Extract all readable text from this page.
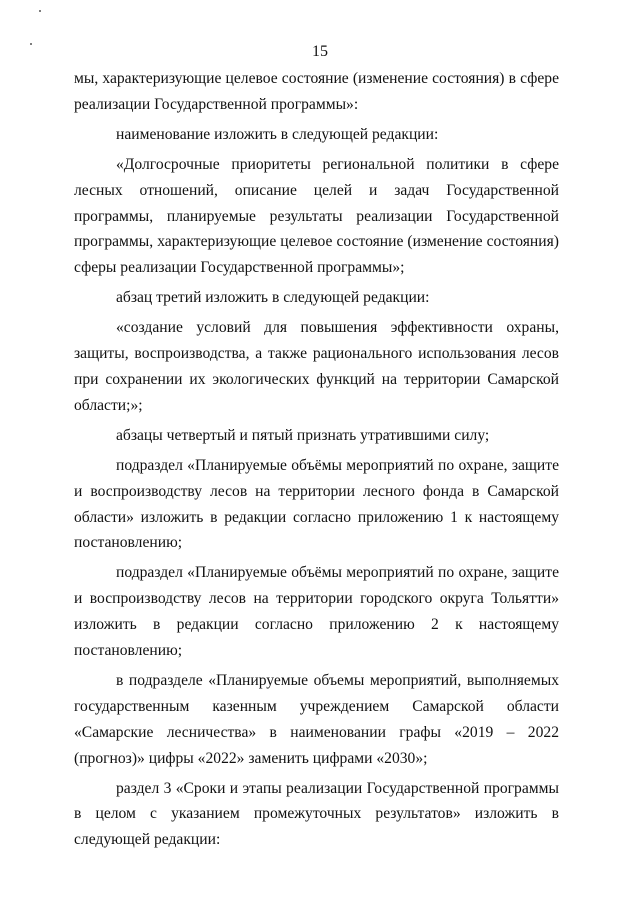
15

мы, характеризующие целевое состояние (изменение состояния) в сфере реализации Государственной программы»:

наименование изложить в следующей редакции:

«Долгосрочные приоритеты региональной политики в сфере лесных отношений, описание целей и задач Государственной программы, планируемые результаты реализации Государственной программы, характеризующие целевое состояние (изменение состояния) сферы реализации Государственной программы»;

абзац третий изложить в следующей редакции:

«создание условий для повышения эффективности охраны, защиты, воспроизводства, а также рационального использования лесов при сохранении их экологических функций на территории Самарской области;»;

абзацы четвертый и пятый признать утратившими силу;

подраздел «Планируемые объёмы мероприятий по охране, защите и воспроизводству лесов на территории лесного фонда в Самарской области» изложить в редакции согласно приложению 1 к настоящему постановлению;

подраздел «Планируемые объёмы мероприятий по охране, защите и воспроизводству лесов на территории городского округа Тольятти» изложить в редакции согласно приложению 2 к настоящему постановлению;

в подразделе «Планируемые объемы мероприятий, выполняемых государственным казенным учреждением Самарской области «Самарские лесничества» в наименовании графы «2019 – 2022 (прогноз)» цифры «2022» заменить цифрами «2030»;

раздел 3 «Сроки и этапы реализации Государственной программы в целом с указанием промежуточных результатов» изложить в следующей редакции:
